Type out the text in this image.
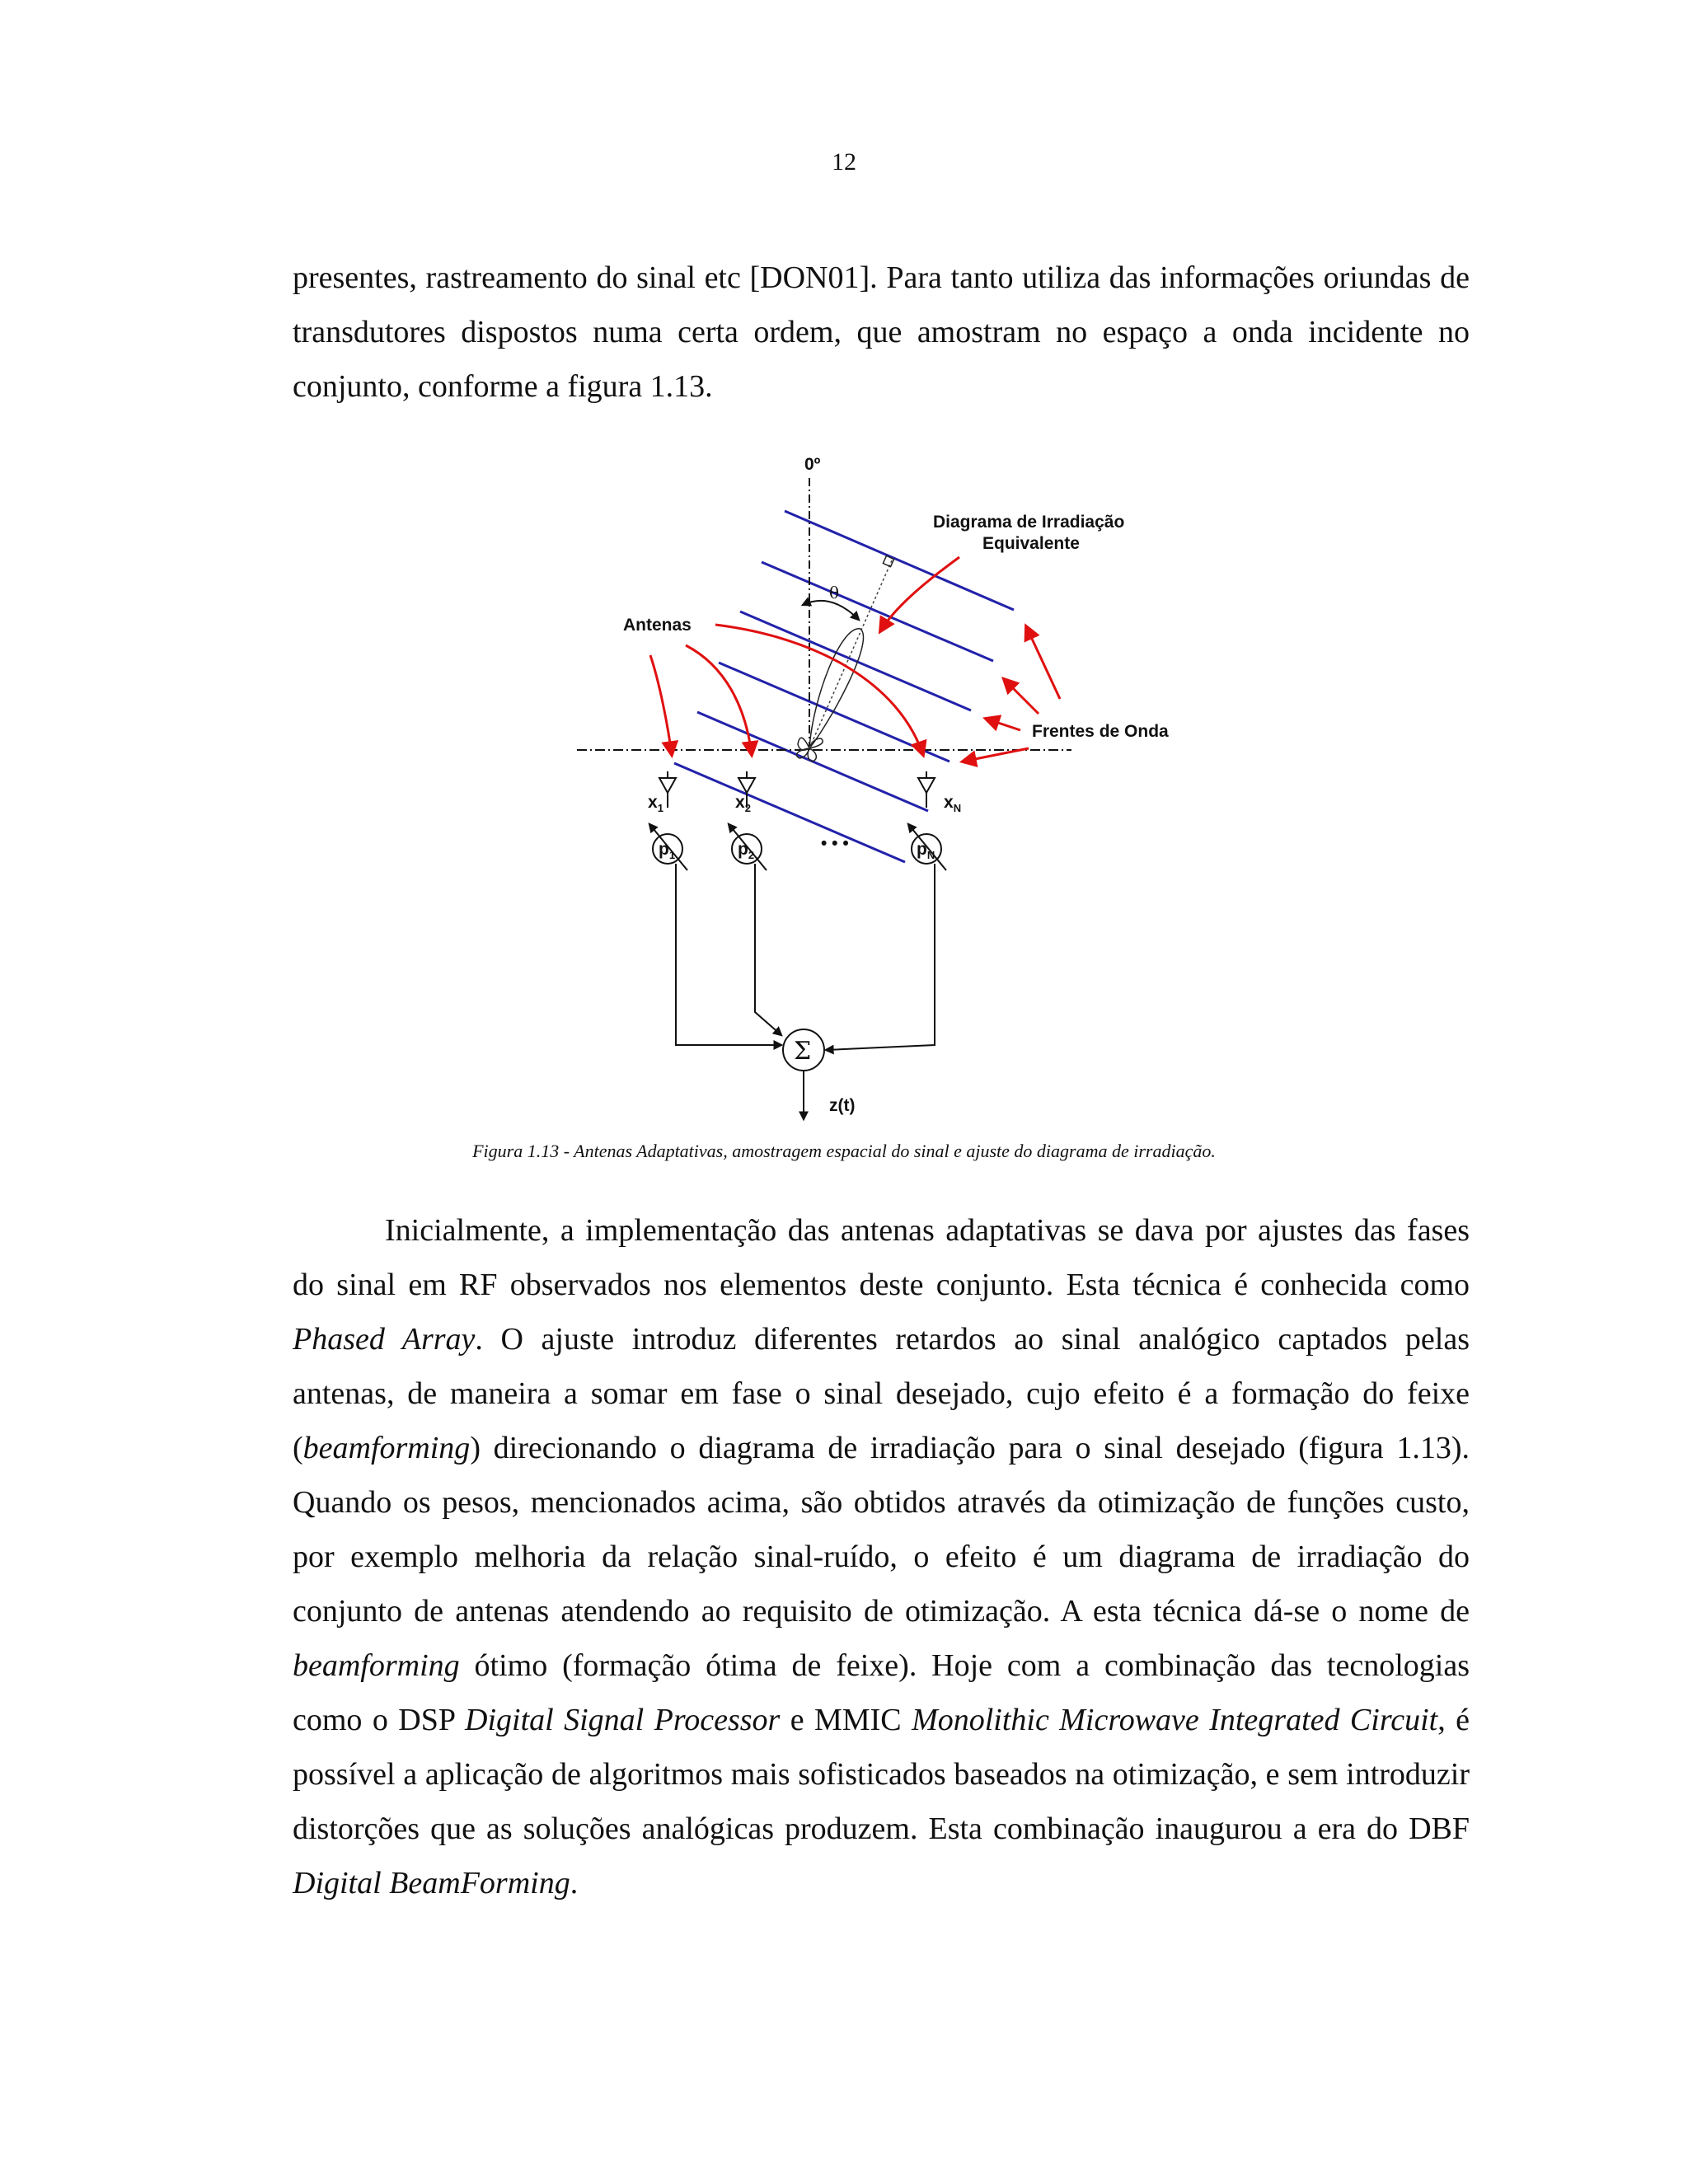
12

presentes, rastreamento do sinal etc [DON01]. Para tanto utiliza das informações oriundas de transdutores dispostos numa certa ordem, que amostram no espaço a onda incidente no conjunto, conforme a figura 1.13.

θ
0º
Diagrama de Irradiação
Equivalente
Antenas
Frentes de Onda
$x_1$	$x_2$	$x_N$
$p_1$	$p_2$	$p_N$
• • •
Σ
z(t)
Figura 1.13 - Antenas Adaptativas, amostragem espacial do sinal e ajuste do diagrama de irradiação.

Inicialmente, a implementação das antenas adaptativas se dava por ajustes das fases do sinal em RF observados nos elementos deste conjunto. Esta técnica é conhecida como Phased Array. O ajuste introduz diferentes retardos ao sinal analógico captados pelas antenas, de maneira a somar em fase o sinal desejado, cujo efeito é a formação do feixe (beamforming) direcionando o diagrama de irradiação para o sinal desejado (figura 1.13). Quando os pesos, mencionados acima, são obtidos através da otimização de funções custo, por exemplo melhoria da relação sinal-ruído, o efeito é um diagrama de irradiação do conjunto de antenas atendendo ao requisito de otimização. A esta técnica dá-se o nome de beamforming ótimo (formação ótima de feixe). Hoje com a combinação das tecnologias como o DSP Digital Signal Processor e MMIC Monolithic Microwave Integrated Circuit, é possível a aplicação de algoritmos mais sofisticados baseados na otimização, e sem introduzir distorções que as soluções analógicas produzem. Esta combinação inaugurou a era do DBF Digital BeamForming.
